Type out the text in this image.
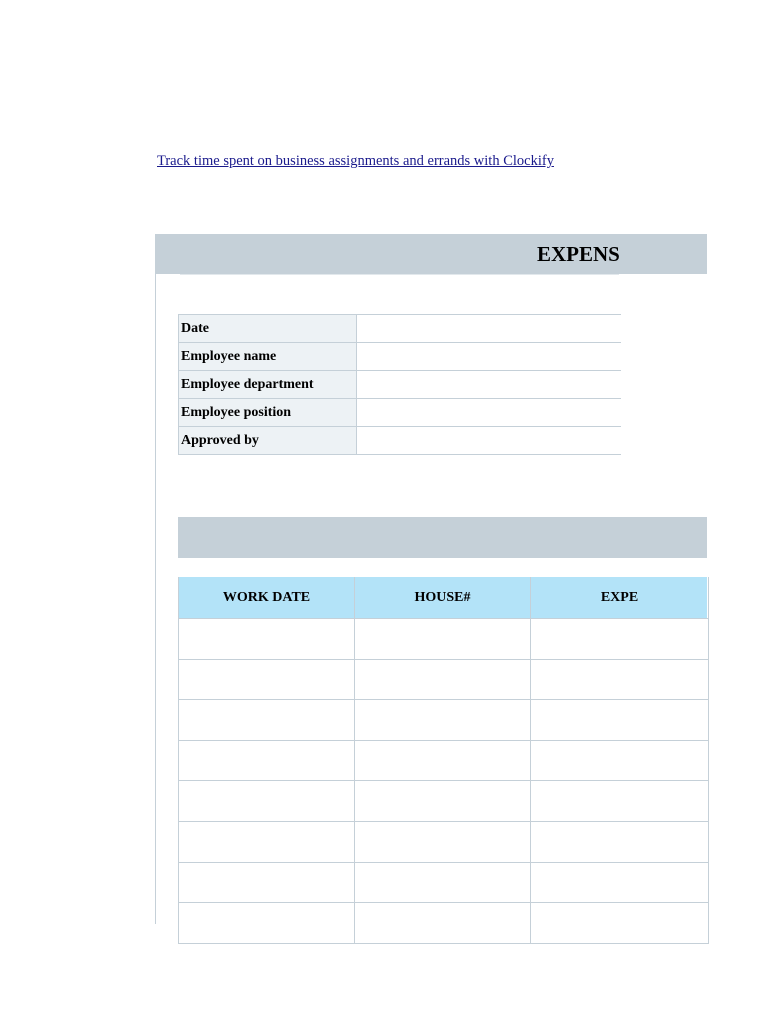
Track time spent on business assignments and errands with Clockify
EXPENS
Date	
Employee name	
Employee department	
Employee position	
Approved by	
WORK DATE	HOUSE#	EXPE
